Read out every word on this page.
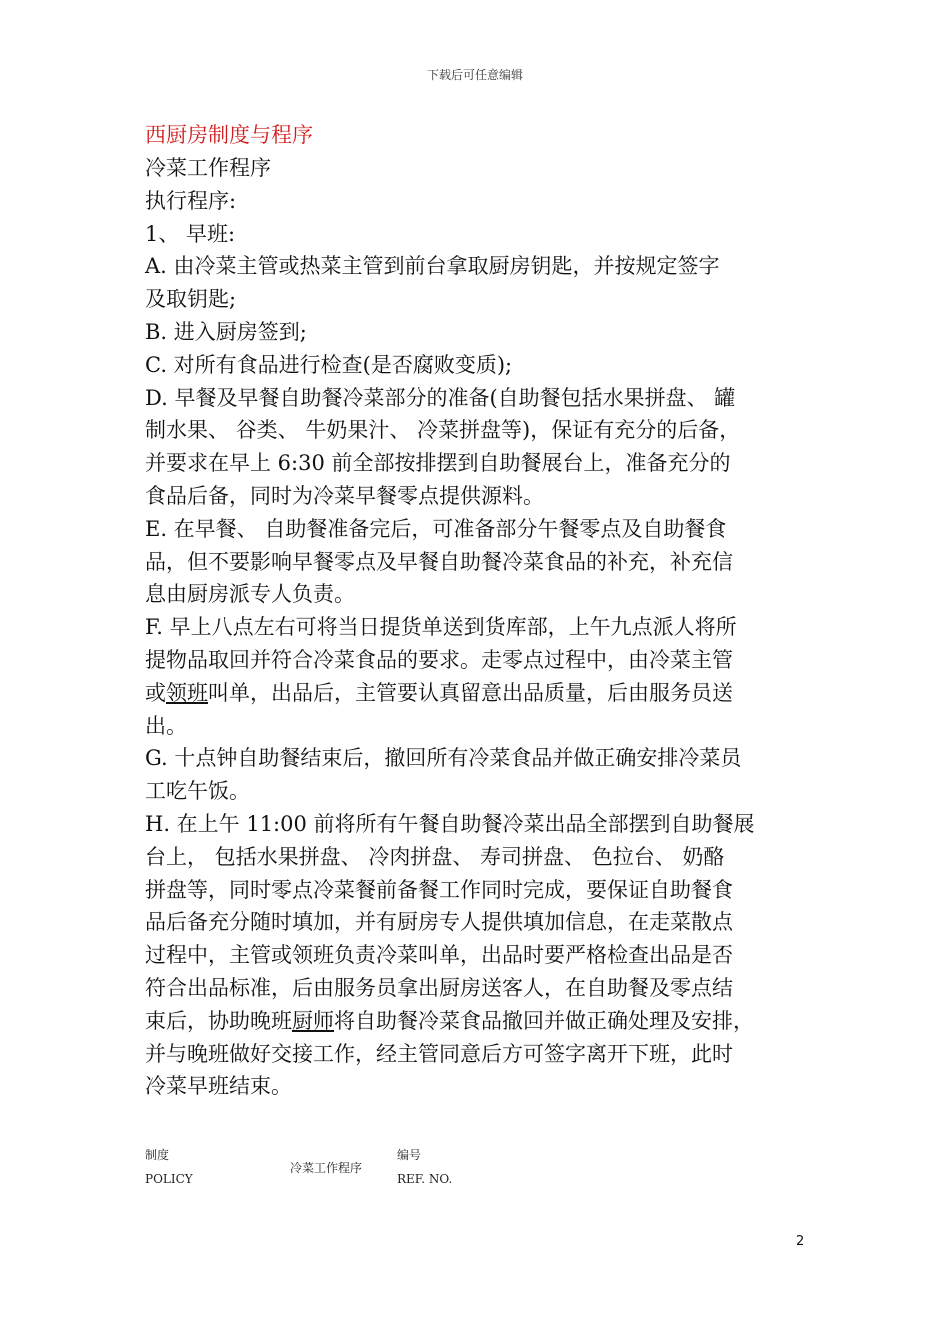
下载后可任意编辑

西厨房制度与程序

冷菜工作程序

执行程序:

1、 早班:

A. 由冷菜主管或热菜主管到前台拿取厨房钥匙，并按规定签字

及取钥匙;

B. 进入厨房签到;

C. 对所有食品进行检查(是否腐败变质);

D. 早餐及早餐自助餐冷菜部分的准备(自助餐包括水果拼盘、 罐

制水果、 谷类、 牛奶果汁、 冷菜拼盘等)，保证有充分的后备，

并要求在早上 6:30 前全部按排摆到自助餐展台上，准备充分的

食品后备，同时为冷菜早餐零点提供源料。

E. 在早餐、 自助餐准备完后，可准备部分午餐零点及自助餐食

品，但不要影响早餐零点及早餐自助餐冷菜食品的补充，补充信

息由厨房派专人负责。

F. 早上八点左右可将当日提货单送到货库部，上午九点派人将所

提物品取回并符合冷菜食品的要求。走零点过程中，由冷菜主管

或领班叫单，出品后，主管要认真留意出品质量，后由服务员送

出。

G. 十点钟自助餐结束后，撤回所有冷菜食品并做正确安排冷菜员

工吃午饭。

H. 在上午 11:00 前将所有午餐自助餐冷菜出品全部摆到自助餐展

台上， 包括水果拼盘、 冷肉拼盘、 寿司拼盘、 色拉台、 奶酪

拼盘等，同时零点冷菜餐前备餐工作同时完成，要保证自助餐食

品后备充分随时填加，并有厨房专人提供填加信息，在走菜散点

过程中，主管或领班负责冷菜叫单，出品时要严格检查出品是否

符合出品标准，后由服务员拿出厨房送客人，在自助餐及零点结

束后，协助晚班厨师将自助餐冷菜食品撤回并做正确处理及安排，

并与晚班做好交接工作，经主管同意后方可签字离开下班，此时

冷菜早班结束。

制度
POLICY
冷菜工作程序
编号
REF. NO.
2
